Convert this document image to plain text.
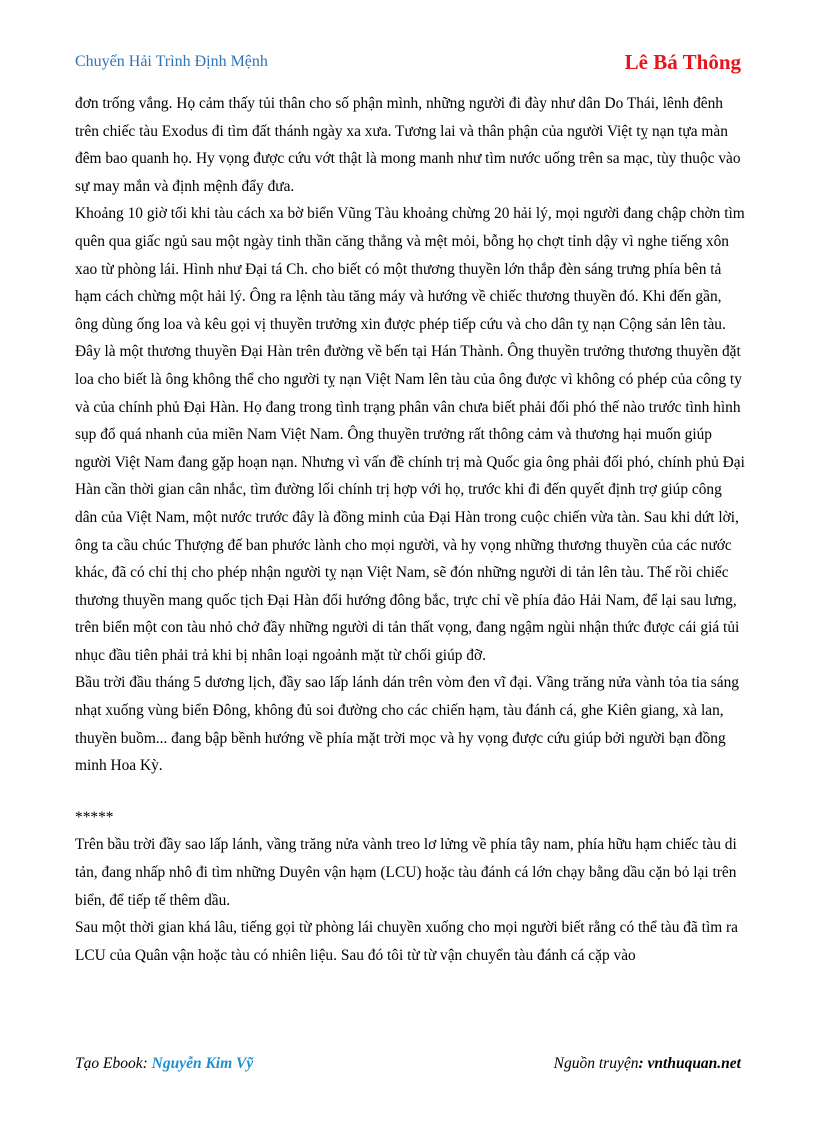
Chuyến Hải Trình Định Mệnh	Lê Bá Thông

đơn trống vắng. Họ cảm thấy tủi thân cho số phận mình, những người đi đày như dân Do Thái, lênh đênh trên chiếc tàu Exodus đi tìm đất thánh ngày xa xưa. Tương lai và thân phận của người Việt tỵ nạn tựa màn đêm bao quanh họ. Hy vọng được cứu vớt thật là mong manh như tìm nước uống trên sa mạc, tùy thuộc vào sự may mắn và định mệnh đẩy đưa.

Khoảng 10 giờ tối khi tàu cách xa bờ biển Vũng Tàu khoảng chừng 20 hải lý, mọi người đang chập chờn tìm quên qua giấc ngủ sau một ngày tinh thần căng thẳng và mệt mỏi, bỗng họ chợt tỉnh dậy vì nghe tiếng xôn xao từ phòng lái. Hình như Đại tá Ch. cho biết có một thương thuyền lớn thắp đèn sáng trưng phía bên tả hạm cách chừng một hải lý. Ông ra lệnh tàu tăng máy và hướng về chiếc thương thuyền đó. Khi đến gần, ông dùng ống loa và kêu gọi vị thuyền trưởng xin được phép tiếp cứu và cho dân tỵ nạn Cộng sản lên tàu.

Đây là một thương thuyền Đại Hàn trên đường về bến tại Hán Thành. Ông thuyền trưởng thương thuyền đặt loa cho biết là ông không thể cho người tỵ nạn Việt Nam lên tàu của ông được vì không có phép của công ty và của chính phủ Đại Hàn. Họ đang trong tình trạng phân vân chưa biết phải đối phó thế nào trước tình hình sụp đổ quá nhanh của miền Nam Việt Nam. Ông thuyền trưởng rất thông cảm và thương hại muốn giúp người Việt Nam đang gặp hoạn nạn. Nhưng vì vấn đề chính trị mà Quốc gia ông phải đối phó, chính phủ Đại Hàn cần thời gian cân nhắc, tìm đường lối chính trị hợp với họ, trước khi đi đến quyết định trợ giúp công dân của Việt Nam, một nước trước đây là đồng minh của Đại Hàn trong cuộc chiến vừa tàn. Sau khi dứt lời, ông ta cầu chúc Thượng đế ban phước lành cho mọi người, và hy vọng những thương thuyền của các nước khác, đã có chỉ thị cho phép nhận người tỵ nạn Việt Nam, sẽ đón những người di tản lên tàu. Thế rồi chiếc thương thuyền mang quốc tịch Đại Hàn đổi hướng đông bắc, trực chỉ về phía đảo Hải Nam, để lại sau lưng, trên biển một con tàu nhỏ chở đầy những người di tản thất vọng, đang ngậm ngùi nhận thức được cái giá tủi nhục đầu tiên phải trả khi bị nhân loại ngoảnh mặt từ chối giúp đỡ.

Bầu trời đầu tháng 5 dương lịch, đầy sao lấp lánh dán trên vòm đen vĩ đại. Vầng trăng nửa vành tỏa tia sáng nhạt xuống vùng biển Đông, không đủ soi đường cho các chiến hạm, tàu đánh cá, ghe Kiên giang, xà lan, thuyền buồm... đang bập bềnh hướng về phía mặt trời mọc và hy vọng được cứu giúp bởi người bạn đồng minh Hoa Kỳ.

*****

Trên bầu trời đầy sao lấp lánh, vầng trăng nửa vành treo lơ lửng về phía tây nam, phía hữu hạm chiếc tàu di tản, đang nhấp nhô đi tìm những Duyên vận hạm (LCU) hoặc tàu đánh cá lớn chạy bằng dầu cặn bỏ lại trên biển, để tiếp tế thêm dầu.

Sau một thời gian khá lâu, tiếng gọi từ phòng lái chuyền xuống cho mọi người biết rằng có thể tàu đã tìm ra LCU của Quân vận hoặc tàu có nhiên liệu. Sau đó tôi từ từ vận chuyển tàu đánh cá cặp vào

Tạo Ebook: Nguyễn Kim Vỹ	Nguồn truyện: vnthuquan.net
